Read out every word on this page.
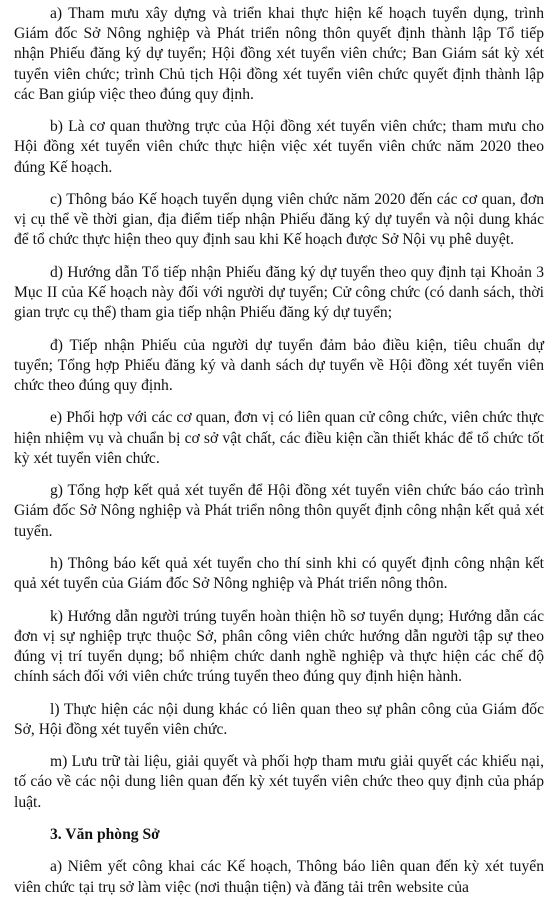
a) Tham mưu xây dựng và triển khai thực hiện kế hoạch tuyển dụng, trình Giám đốc Sở Nông nghiệp và Phát triển nông thôn quyết định thành lập Tổ tiếp nhận Phiếu đăng ký dự tuyển; Hội đồng xét tuyển viên chức; Ban Giám sát kỳ xét tuyển viên chức; trình Chủ tịch Hội đồng xét tuyển viên chức quyết định thành lập các Ban giúp việc theo đúng quy định.

b) Là cơ quan thường trực của Hội đồng xét tuyển viên chức; tham mưu cho Hội đồng xét tuyển viên chức thực hiện việc xét tuyển viên chức năm 2020 theo đúng Kế hoạch.

c) Thông báo Kế hoạch tuyển dụng viên chức năm 2020 đến các cơ quan, đơn vị cụ thể về thời gian, địa điểm tiếp nhận Phiếu đăng ký dự tuyển và nội dung khác để tổ chức thực hiện theo quy định sau khi Kế hoạch được Sở Nội vụ phê duyệt.

d) Hướng dẫn Tổ tiếp nhận Phiếu đăng ký dự tuyển theo quy định tại Khoản 3 Mục II của Kế hoạch này đối với người dự tuyển; Cử công chức (có danh sách, thời gian trực cụ thể) tham gia tiếp nhận Phiếu đăng ký dự tuyển;

đ) Tiếp nhận Phiếu của người dự tuyển đảm bảo điều kiện, tiêu chuẩn dự tuyển; Tổng hợp Phiếu đăng ký và danh sách dự tuyển về Hội đồng xét tuyển viên chức theo đúng quy định.

e) Phối hợp với các cơ quan, đơn vị có liên quan cử công chức, viên chức thực hiện nhiệm vụ và chuẩn bị cơ sở vật chất, các điều kiện cần thiết khác để tổ chức tốt kỳ xét tuyển viên chức.

g) Tổng hợp kết quả xét tuyển để Hội đồng xét tuyển viên chức báo cáo trình Giám đốc Sở Nông nghiệp và Phát triển nông thôn quyết định công nhận kết quả xét tuyển.

h) Thông báo kết quả xét tuyển cho thí sinh khi có quyết định công nhận kết quả xét tuyển của Giám đốc Sở Nông nghiệp và Phát triển nông thôn.

k) Hướng dẫn người trúng tuyển hoàn thiện hồ sơ tuyển dụng; Hướng dẫn các đơn vị sự nghiệp trực thuộc Sở, phân công viên chức hướng dẫn người tập sự theo đúng vị trí tuyển dụng; bổ nhiệm chức danh nghề nghiệp và thực hiện các chế độ chính sách đối với viên chức trúng tuyển theo đúng quy định hiện hành.

l) Thực hiện các nội dung khác có liên quan theo sự phân công của Giám đốc Sở, Hội đồng xét tuyển viên chức.

m) Lưu trữ tài liệu, giải quyết và phối hợp tham mưu giải quyết các khiếu nại, tố cáo về các nội dung liên quan đến kỳ xét tuyển viên chức theo quy định của pháp luật.

3. Văn phòng Sở

a) Niêm yết công khai các Kế hoạch, Thông báo liên quan đến kỳ xét tuyển viên chức tại trụ sở làm việc (nơi thuận tiện) và đăng tải trên website của
